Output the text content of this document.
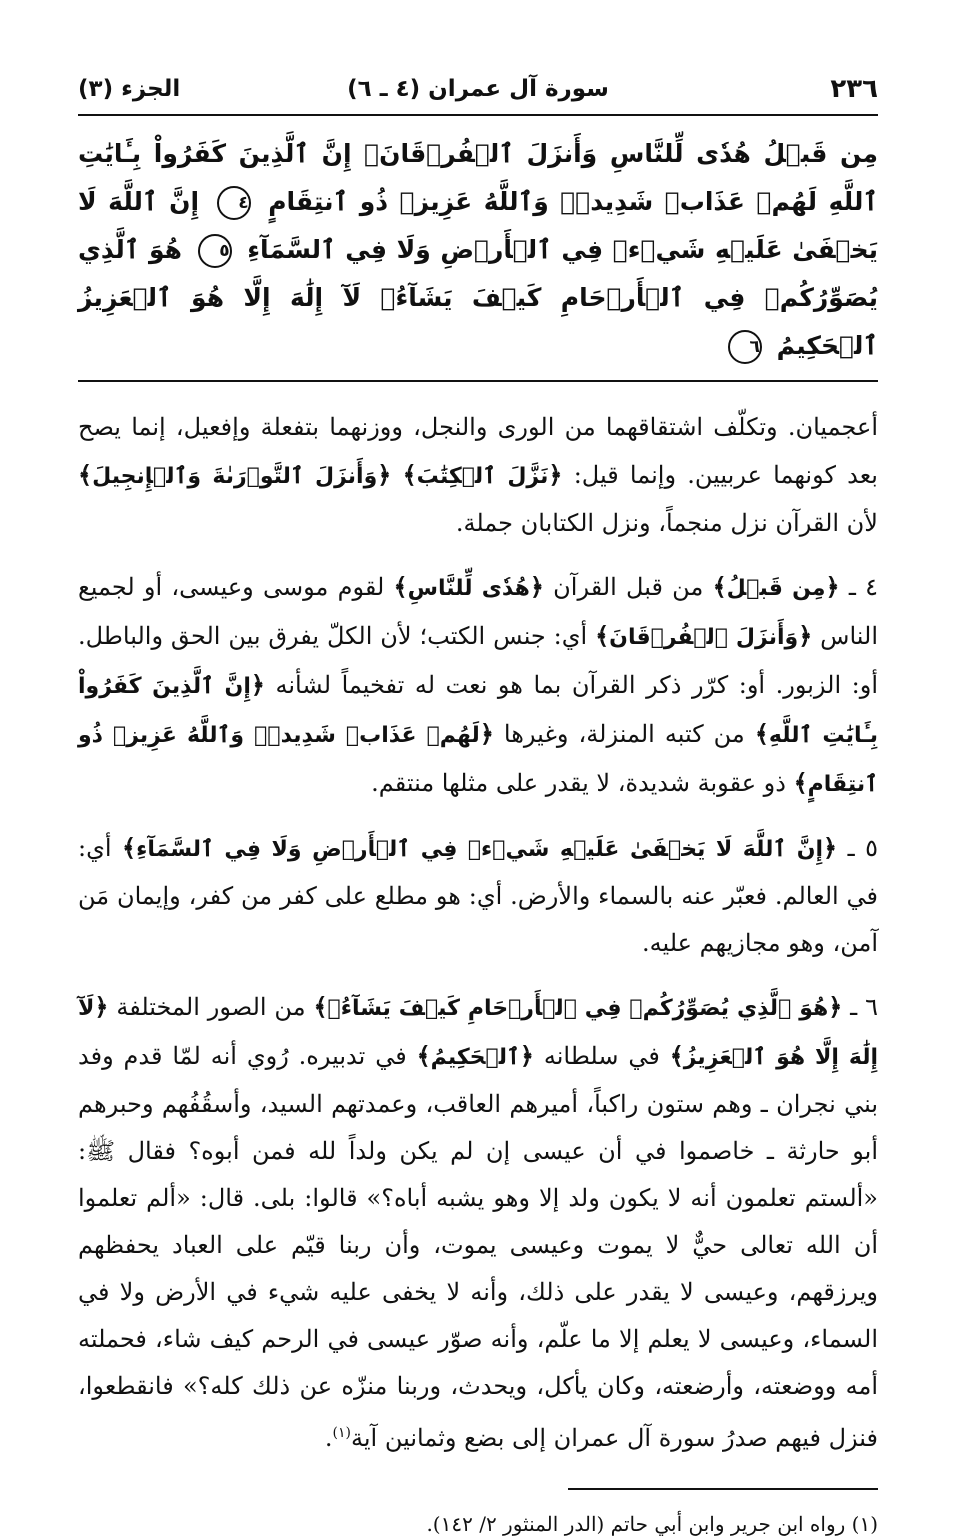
٢٣٦
سورة آل عمران (٤ ـ ٦)
الجزء (٣)
مِن قَبۡلُ هُدٗى لِّلنَّاسِ وَأَنزَلَ ٱلۡفُرۡقَانَۗ إِنَّ ٱلَّذِينَ كَفَرُواْ بِـَٔايَٰتِ ٱللَّهِ لَهُمۡ عَذَابٞ شَدِيدٞۗ وَٱللَّهُ عَزِيزٞ ذُو ٱنتِقَامٍ ٤ إِنَّ ٱللَّهَ لَا يَخۡفَىٰ عَلَيۡهِ شَيۡءٞ فِي ٱلۡأَرۡضِ وَلَا فِي ٱلسَّمَآءِ ٥ هُوَ ٱلَّذِي يُصَوِّرُكُمۡ فِي ٱلۡأَرۡحَامِ كَيۡفَ يَشَآءُۚ لَآ إِلَٰهَ إِلَّا هُوَ ٱلۡعَزِيزُ ٱلۡحَكِيمُ ٦

أعجميان. وتكلّف اشتقاقهما من الورى والنجل، ووزنهما بتفعلة وإفعيل، إنما يصح بعد كونهما عربيين. وإنما قيل: ﴿نَزَّلَ ٱلۡكِتَٰبَ﴾ ﴿وَأَنزَلَ ٱلتَّوۡرَىٰةَ وَٱلۡإِنجِيلَ﴾ لأن القرآن نزل منجماً، ونزل الكتابان جملة.

٤ ـ ﴿مِن قَبۡلُ﴾ من قبل القرآن ﴿هُدٗى لِّلنَّاسِ﴾ لقوم موسى وعيسى، أو لجميع الناس ﴿وَأَنزَلَ ٱلۡفُرۡقَانَ﴾ أي: جنس الكتب؛ لأن الكلّ يفرق بين الحق والباطل. أو: الزبور. أو: كرّر ذكر القرآن بما هو نعت له تفخيماً لشأنه ﴿إِنَّ ٱلَّذِينَ كَفَرُواْ بِـَٔايَٰتِ ٱللَّهِ﴾ من كتبه المنزلة، وغيرها ﴿لَهُمۡ عَذَابٞ شَدِيدٞۗ وَٱللَّهُ عَزِيزٞ ذُو ٱنتِقَامٍ﴾ ذو عقوبة شديدة، لا يقدر على مثلها منتقم.

٥ ـ ﴿إِنَّ ٱللَّهَ لَا يَخۡفَىٰ عَلَيۡهِ شَيۡءٞ فِي ٱلۡأَرۡضِ وَلَا فِي ٱلسَّمَآءِ﴾ أي: في العالم. فعبّر عنه بالسماء والأرض. أي: هو مطلع على كفر من كفر، وإيمان مَن آمن، وهو مجازيهم عليه.

٦ ـ ﴿هُوَ ٱلَّذِي يُصَوِّرُكُمۡ فِي ٱلۡأَرۡحَامِ كَيۡفَ يَشَآءُۚ﴾ من الصور المختلفة ﴿لَآ إِلَٰهَ إِلَّا هُوَ ٱلۡعَزِيزُ﴾ في سلطانه ﴿ٱلۡحَكِيمُ﴾ في تدبيره. رُوي أنه لمّا قدم وفد بني نجران ـ وهم ستون راكباً، أميرهم العاقب، وعمدتهم السيد، وأسقُفُهم وحبرهم أبو حارثة ـ خاصموا في أن عيسى إن لم يكن ولداً لله فمن أبوه؟ فقال ﷺ: «ألستم تعلمون أنه لا يكون ولد إلا وهو يشبه أباه؟» قالوا: بلى. قال: «ألم تعلموا أن الله تعالى حيٌّ لا يموت وعيسى يموت، وأن ربنا قيّم على العباد يحفظهم ويرزقهم، وعيسى لا يقدر على ذلك، وأنه لا يخفى عليه شيء في الأرض ولا في السماء، وعيسى لا يعلم إلا ما علّم، وأنه صوّر عيسى في الرحم كيف شاء، فحملته أمه ووضعته، وأرضعته، وكان يأكل، ويحدث، وربنا منزّه عن ذلك كله؟» فانقطعوا، فنزل فيهم صدرُ سورة آل عمران إلى بضع وثمانين آية$^{(١)}$.

(١) رواه ابن جرير وابن أبي حاتم (الدر المنثور ٢/ ١٤٢).
